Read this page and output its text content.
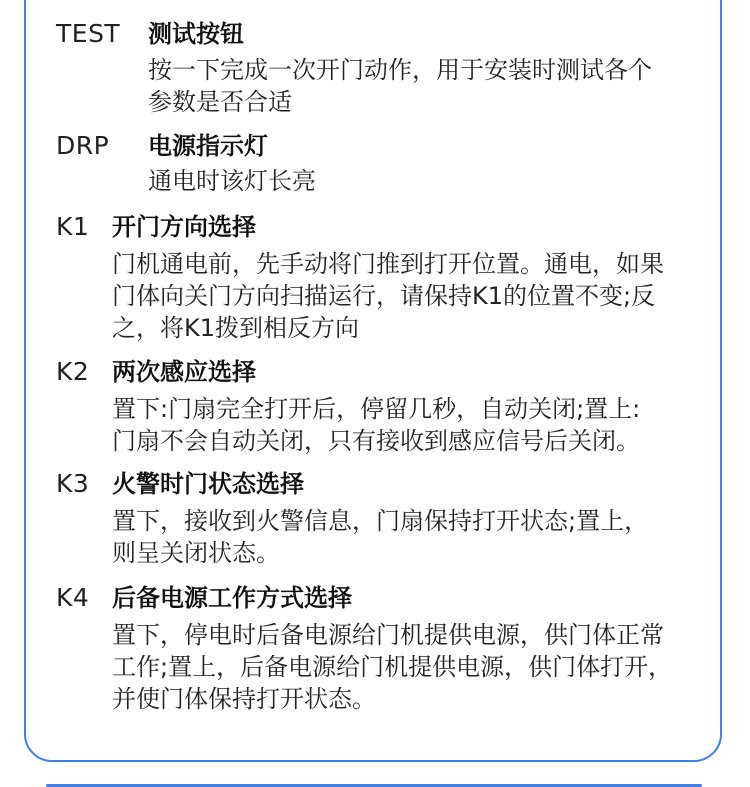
TEST 测试按钮
按一下完成一次开门动作，用于安装时测试各个
参数是否合适
DRP 电源指示灯
通电时该灯长亮
K1 开门方向选择
门机通电前，先手动将门推到打开位置。通电，如果
门体向关门方向扫描运行，请保持K1的位置不变;反
之，将K1拨到相反方向
K2 两次感应选择
置下:门扇完全打开后，停留几秒，自动关闭;置上:
门扇不会自动关闭，只有接收到感应信号后关闭。
K3 火警时门状态选择
置下，接收到火警信息，门扇保持打开状态;置上，
则呈关闭状态。
K4 后备电源工作方式选择
置下，停电时后备电源给门机提供电源，供门体正常
工作;置上，后备电源给门机提供电源，供门体打开，
并使门体保持打开状态。
